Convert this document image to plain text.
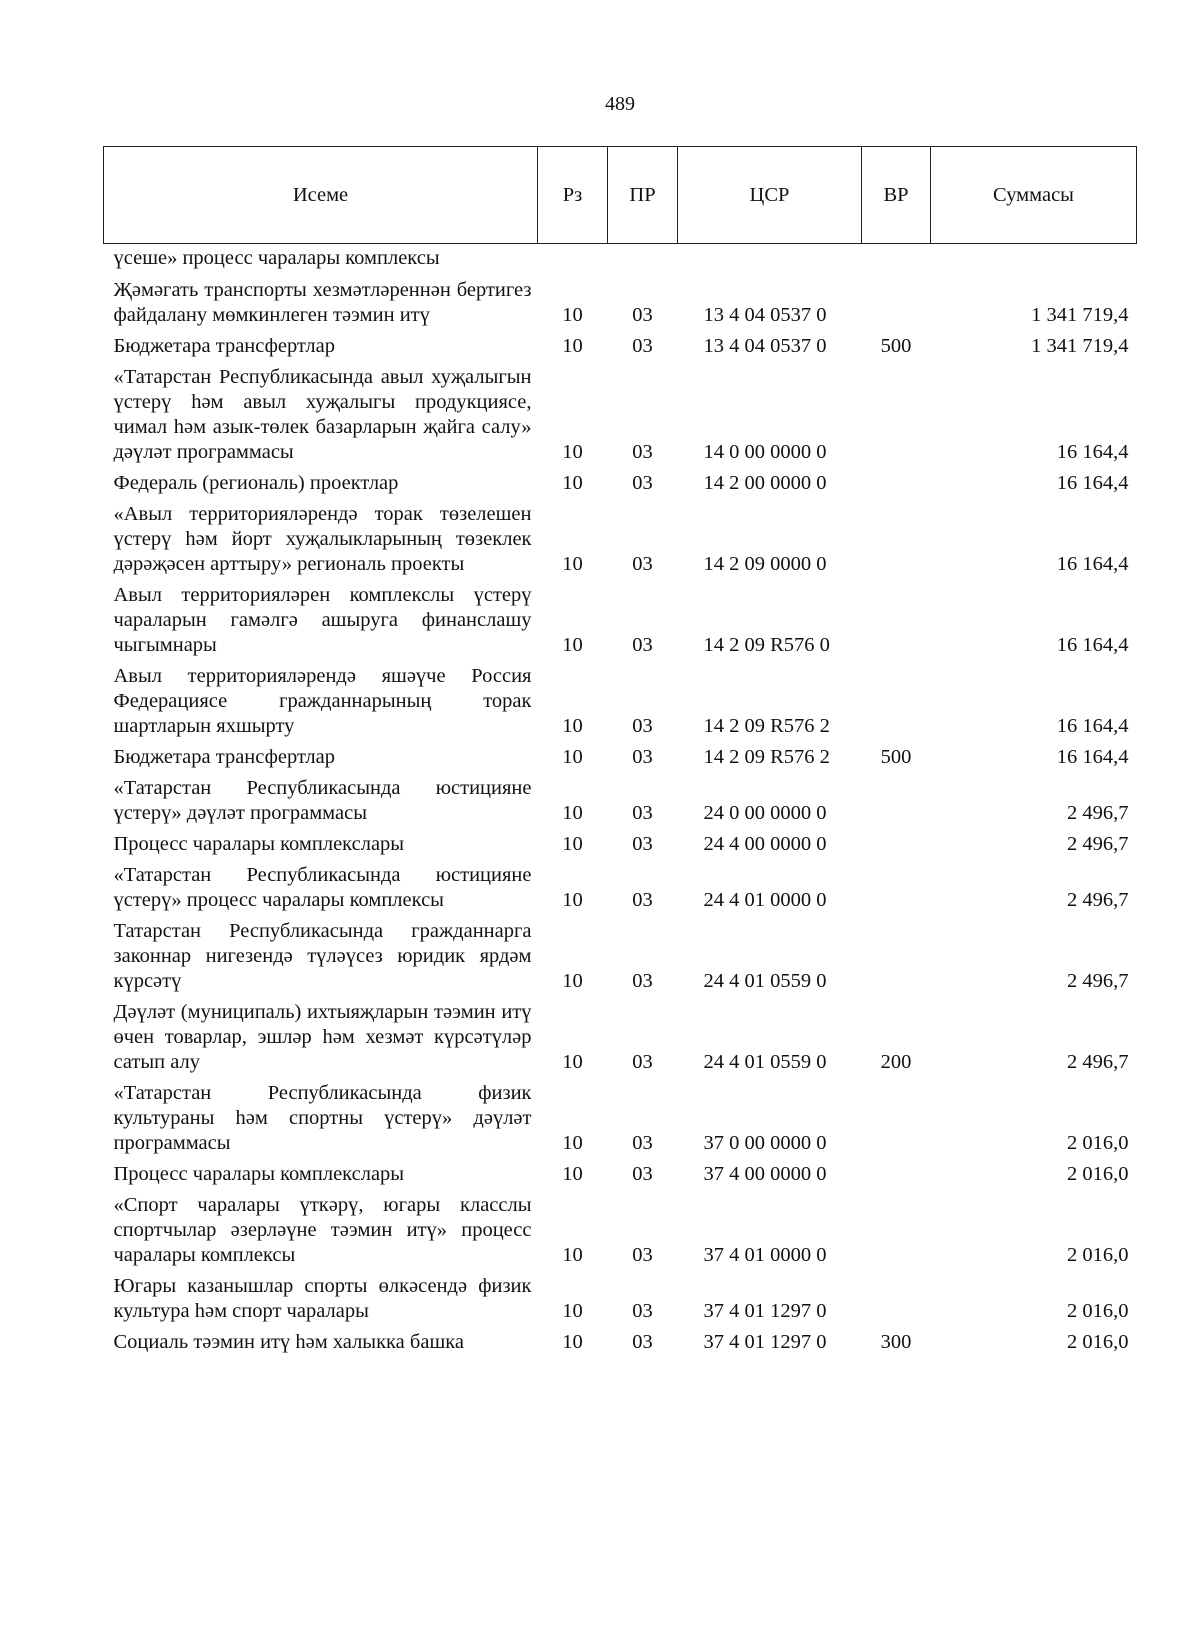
489
Исеме	Рз	ПР	ЦСР	ВР	Суммасы
үсеше» процесс чаралары комплексы					
Җәмәгать транспорты хезмәтләреннән бертигез файдалану мөмкинлеген тәэмин итү	10	03	13 4 04 0537 0		1 341 719,4
Бюджетара трансфертлар	10	03	13 4 04 0537 0	500	1 341 719,4
«Татарстан Республикасында авыл хуҗалыгын үстерү һәм авыл хуҗалыгы продукциясе, чимал һәм азык-төлек базарларын җайга салу» дәүләт программасы	10	03	14 0 00 0000 0		16 164,4
Федераль (региональ) проектлар	10	03	14 2 00 0000 0		16 164,4
«Авыл территорияләрендә торак төзелешен үстерү һәм йорт хуҗалыкларының төзеклек дәрәҗәсен арттыру» региональ проекты	10	03	14 2 09 0000 0		16 164,4
Авыл территорияләрен комплекслы үстерү чараларын гамәлгә ашыруга финанслашу чыгымнары	10	03	14 2 09 R576 0		16 164,4
Авыл территорияләрендә яшәүче Россия Федерациясе гражданнарының торак шартларын яхшырту	10	03	14 2 09 R576 2		16 164,4
Бюджетара трансфертлар	10	03	14 2 09 R576 2	500	16 164,4
«Татарстан Республикасында юстицияне үстерү» дәүләт программасы	10	03	24 0 00 0000 0		2 496,7
Процесс чаралары комплекслары	10	03	24 4 00 0000 0		2 496,7
«Татарстан Республикасында юстицияне үстерү» процесс чаралары комплексы	10	03	24 4 01 0000 0		2 496,7
Татарстан Республикасында гражданнарга законнар нигезендә түләүсез юридик ярдәм күрсәтү	10	03	24 4 01 0559 0		2 496,7
Дәүләт (муниципаль) ихтыяҗларын тәэмин итү өчен товарлар, эшләр һәм хезмәт күрсәтүләр сатып алу	10	03	24 4 01 0559 0	200	2 496,7
«Татарстан Республикасында физик культураны һәм спортны үстерү» дәүләт программасы	10	03	37 0 00 0000 0		2 016,0
Процесс чаралары комплекслары	10	03	37 4 00 0000 0		2 016,0
«Спорт чаралары үткәрү, югары класслы спортчылар әзерләүне тәэмин итү» процесс чаралары комплексы	10	03	37 4 01 0000 0		2 016,0
Югары казанышлар спорты өлкәсендә физик культура һәм спорт чаралары	10	03	37 4 01 1297 0		2 016,0
Социаль тәэмин итү һәм халыкка башка	10	03	37 4 01 1297 0	300	2 016,0
